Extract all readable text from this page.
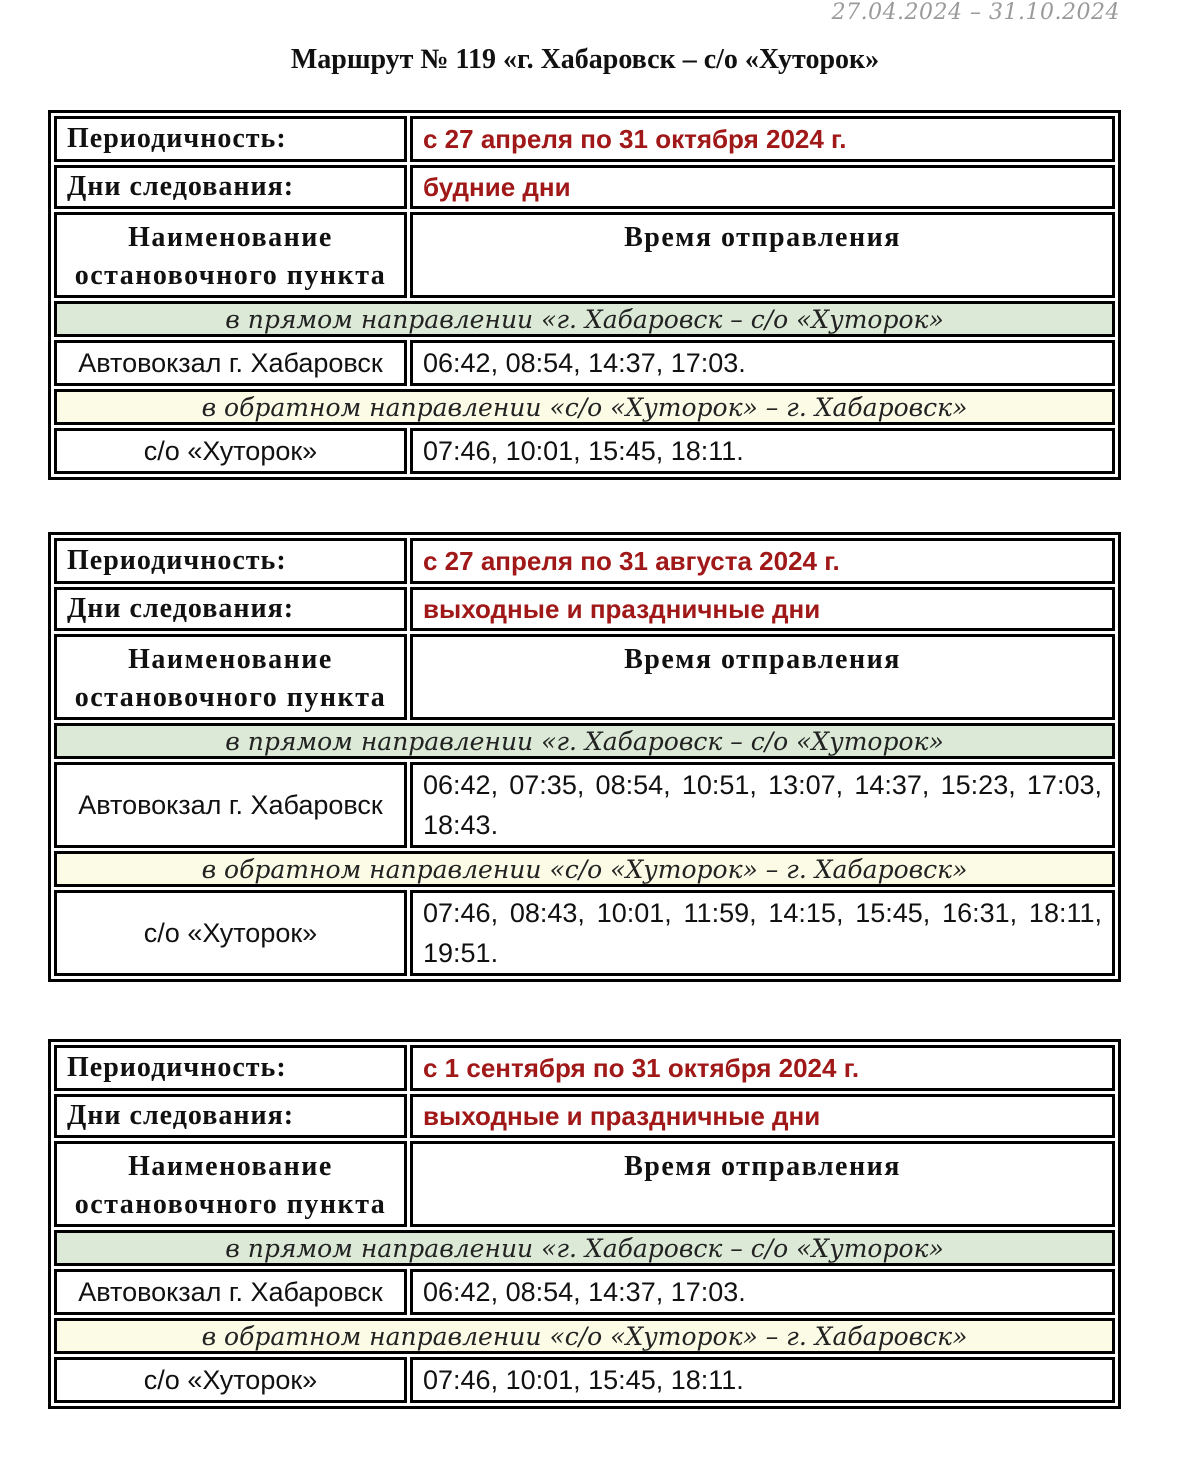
27.04.2024 – 31.10.2024
Маршрут № 119 «г. Хабаровск – с/о «Хуторок»
Периодичность:	с 27 апреля по 31 октября 2024 г.
Дни следования:	будние дни
Наименование остановочного пункта	Время отправления
в прямом направлении «г. Хабаровск – с/о «Хуторок»	
Автовокзал г. Хабаровск	06:42, 08:54, 14:37, 17:03.
в обратном направлении «с/о «Хуторок» – г. Хабаровск»	
с/о «Хуторок»	07:46, 10:01, 15:45, 18:11.
Периодичность:	с 27 апреля по 31 августа 2024 г.
Дни следования:	выходные и праздничные дни
Наименование остановочного пункта	Время отправления
в прямом направлении «г. Хабаровск – с/о «Хуторок»	
Автовокзал г. Хабаровск	06:42, 07:35, 08:54, 10:51, 13:07, 14:37, 15:23, 17:03, 18:43.
в обратном направлении «с/о «Хуторок» – г. Хабаровск»	
с/о «Хуторок»	07:46, 08:43, 10:01, 11:59, 14:15, 15:45, 16:31, 18:11, 19:51.
Периодичность:	с 1 сентября по 31 октября 2024 г.
Дни следования:	выходные и праздничные дни
Наименование остановочного пункта	Время отправления
в прямом направлении «г. Хабаровск – с/о «Хуторок»	
Автовокзал г. Хабаровск	06:42, 08:54, 14:37, 17:03.
в обратном направлении «с/о «Хуторок» – г. Хабаровск»	
с/о «Хуторок»	07:46, 10:01, 15:45, 18:11.
